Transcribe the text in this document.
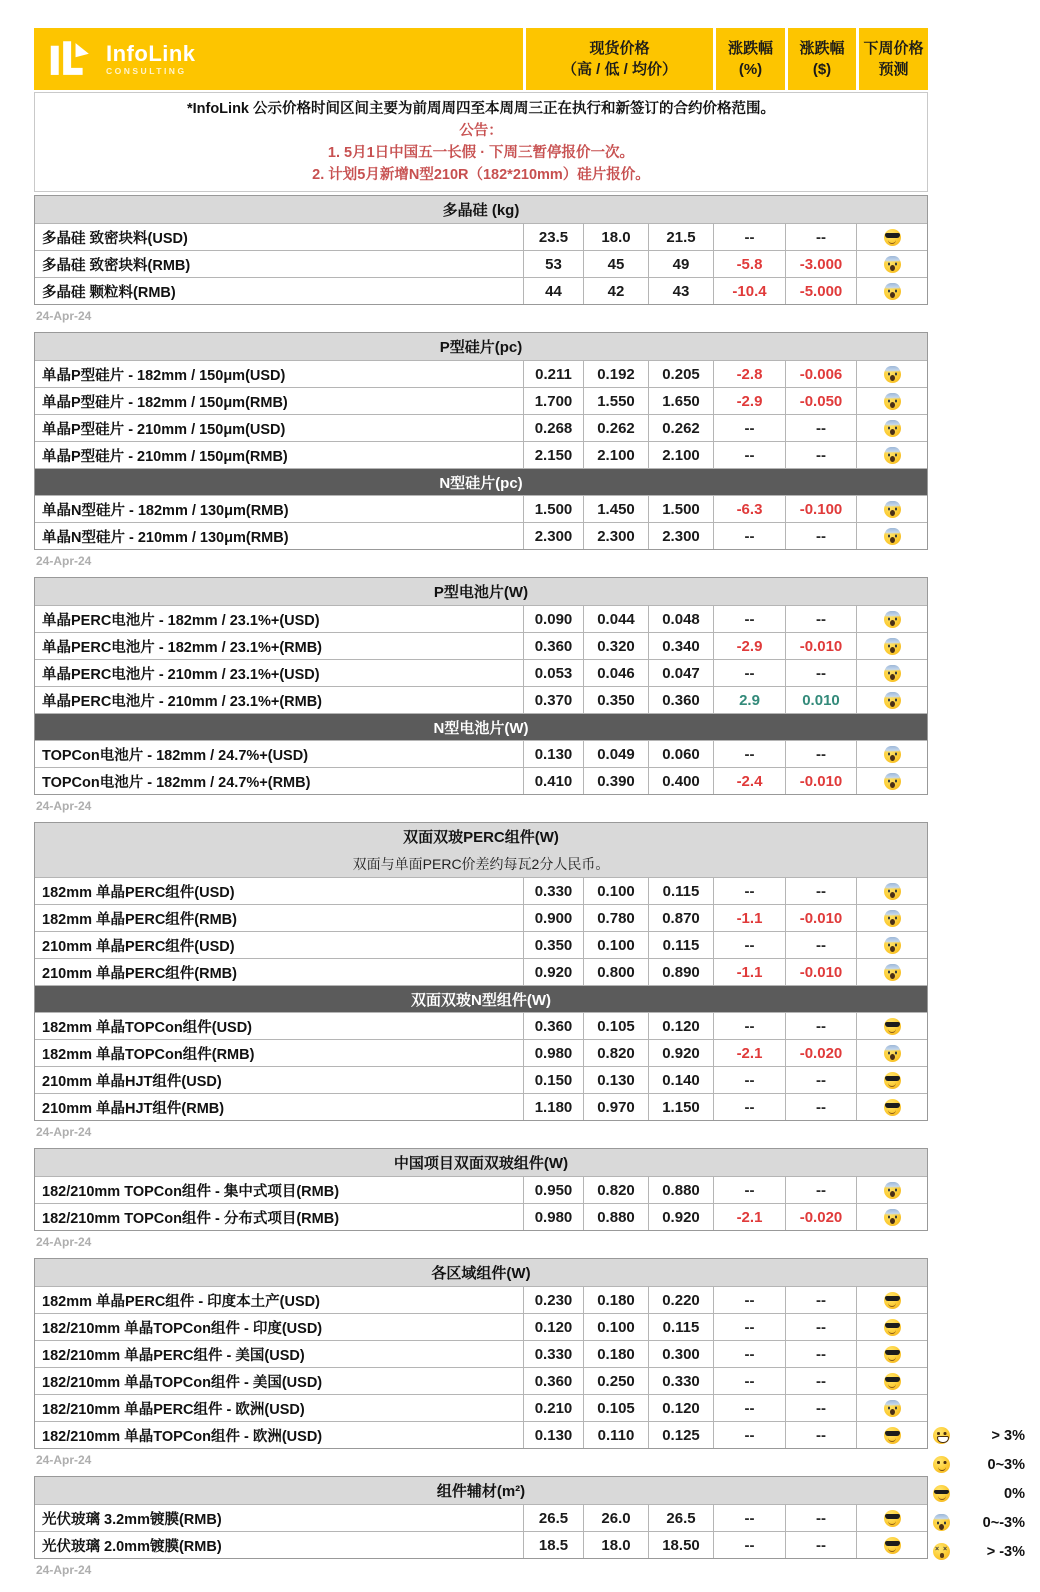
InfoLink
CONSULTING
现货价格
（高 / 低 / 均价）
涨跌幅
(%)
涨跌幅
($)
下周价格
预测
*InfoLink 公示价格时间区间主要为前周周四至本周周三正在执行和新签订的合约价格范围。
公告：
1. 5月1日中国五一长假 · 下周三暂停报价一次。
2. 计划5月新增N型210R（182*210mm）硅片报价。
多晶硅 (kg)
多晶硅 致密块料(USD)	23.5	18.0	21.5	--	--
多晶硅 致密块料(RMB)	53	45	49	-5.8	-3.000
多晶硅 颗粒料(RMB)	44	42	43	-10.4	-5.000
24-Apr-24
P型硅片(pc)
单晶P型硅片 - 182mm / 150μm(USD)	0.211	0.192	0.205	-2.8	-0.006
单晶P型硅片 - 182mm / 150μm(RMB)	1.700	1.550	1.650	-2.9	-0.050
单晶P型硅片 - 210mm / 150μm(USD)	0.268	0.262	0.262	--	--
单晶P型硅片 - 210mm / 150μm(RMB)	2.150	2.100	2.100	--	--
N型硅片(pc)
单晶N型硅片 - 182mm / 130μm(RMB)	1.500	1.450	1.500	-6.3	-0.100
单晶N型硅片 - 210mm / 130μm(RMB)	2.300	2.300	2.300	--	--
24-Apr-24
P型电池片(W)
单晶PERC电池片 - 182mm / 23.1%+(USD)	0.090	0.044	0.048	--	--
单晶PERC电池片 - 182mm / 23.1%+(RMB)	0.360	0.320	0.340	-2.9	-0.010
单晶PERC电池片 - 210mm / 23.1%+(USD)	0.053	0.046	0.047	--	--
单晶PERC电池片 - 210mm / 23.1%+(RMB)	0.370	0.350	0.360	2.9	0.010
N型电池片(W)
TOPCon电池片 - 182mm / 24.7%+(USD)	0.130	0.049	0.060	--	--
TOPCon电池片 - 182mm / 24.7%+(RMB)	0.410	0.390	0.400	-2.4	-0.010
24-Apr-24
双面双玻PERC组件(W)
双面与单面PERC价差约每瓦2分人民币。
182mm 单晶PERC组件(USD)	0.330	0.100	0.115	--	--
182mm 单晶PERC组件(RMB)	0.900	0.780	0.870	-1.1	-0.010
210mm 单晶PERC组件(USD)	0.350	0.100	0.115	--	--
210mm 单晶PERC组件(RMB)	0.920	0.800	0.890	-1.1	-0.010
双面双玻N型组件(W)
182mm 单晶TOPCon组件(USD)	0.360	0.105	0.120	--	--
182mm 单晶TOPCon组件(RMB)	0.980	0.820	0.920	-2.1	-0.020
210mm 单晶HJT组件(USD)	0.150	0.130	0.140	--	--
210mm 单晶HJT组件(RMB)	1.180	0.970	1.150	--	--
24-Apr-24
中国项目双面双玻组件(W)
182/210mm TOPCon组件 - 集中式项目(RMB)	0.950	0.820	0.880	--	--
182/210mm TOPCon组件 - 分布式项目(RMB)	0.980	0.880	0.920	-2.1	-0.020
24-Apr-24
各区域组件(W)
182mm 单晶PERC组件 - 印度本土产(USD)	0.230	0.180	0.220	--	--
182/210mm 单晶TOPCon组件 - 印度(USD)	0.120	0.100	0.115	--	--
182/210mm 单晶PERC组件 - 美国(USD)	0.330	0.180	0.300	--	--
182/210mm 单晶TOPCon组件 - 美国(USD)	0.360	0.250	0.330	--	--
182/210mm 单晶PERC组件 - 欧洲(USD)	0.210	0.105	0.120	--	--
182/210mm 单晶TOPCon组件 - 欧洲(USD)	0.130	0.110	0.125	--	--
24-Apr-24
组件辅材(m²)
光伏玻璃 3.2mm镀膜(RMB)	26.5	26.0	26.5	--	--
光伏玻璃 2.0mm镀膜(RMB)	18.5	18.0	18.50	--	--
24-Apr-24
> 3%
0~3%
0%
0~-3%
× ×
> -3%
